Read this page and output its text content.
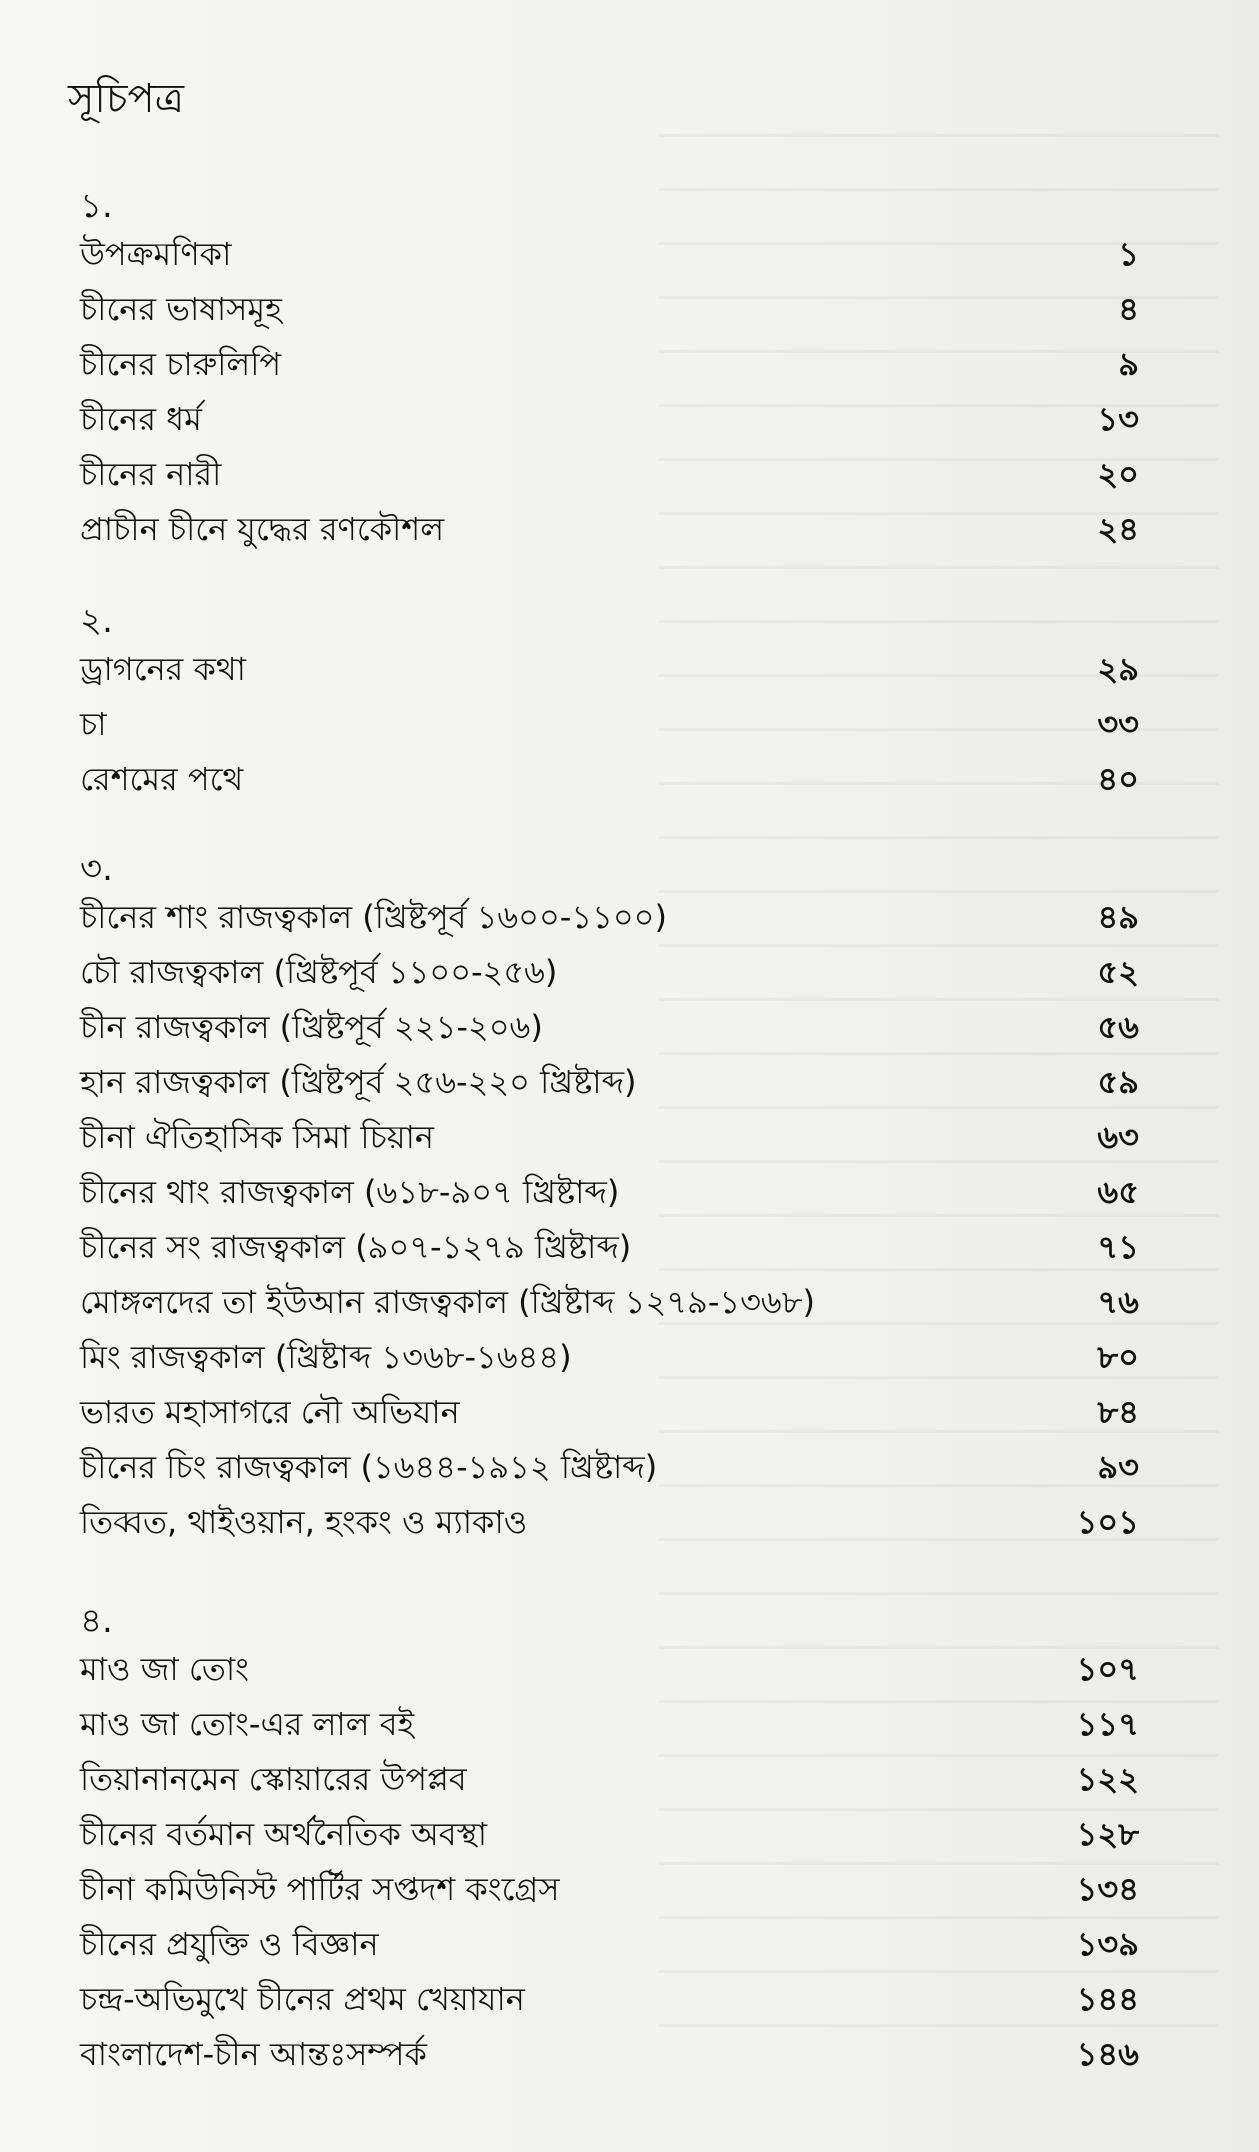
সূচিপত্র
১.
উপক্রমণিকা	১
চীনের ভাষাসমূহ	৪
চীনের চারুলিপি	৯
চীনের ধর্ম	১৩
চীনের নারী	২০
প্রাচীন চীনে যুদ্ধের রণকৌশল	২৪
২.
ড্রাগনের কথা	২৯
চা	৩৩
রেশমের পথে	৪০
৩.
চীনের শাং রাজত্বকাল (খ্রিষ্টপূর্ব ১৬০০-১১০০)	৪৯
চৌ রাজত্বকাল (খ্রিষ্টপূর্ব ১১০০-২৫৬)	৫২
চীন রাজত্বকাল (খ্রিষ্টপূর্ব ২২১-২০৬)	৫৬
হান রাজত্বকাল (খ্রিষ্টপূর্ব ২৫৬-২২০ খ্রিষ্টাব্দ)	৫৯
চীনা ঐতিহাসিক সিমা চিয়ান	৬৩
চীনের থাং রাজত্বকাল (৬১৮-৯০৭ খ্রিষ্টাব্দ)	৬৫
চীনের সং রাজত্বকাল (৯০৭-১২৭৯ খ্রিষ্টাব্দ)	৭১
মোঙ্গলদের তা ইউআন রাজত্বকাল (খ্রিষ্টাব্দ ১২৭৯-১৩৬৮)	৭৬
মিং রাজত্বকাল (খ্রিষ্টাব্দ ১৩৬৮-১৬৪৪)	৮০
ভারত মহাসাগরে নৌ অভিযান	৮৪
চীনের চিং রাজত্বকাল (১৬৪৪-১৯১২ খ্রিষ্টাব্দ)	৯৩
তিব্বত, থাইওয়ান, হংকং ও ম্যাকাও	১০১
৪.
মাও জা তোং	১০৭
মাও জা তোং-এর লাল বই	১১৭
তিয়ানানমেন স্কোয়ারের উপপ্লব	১২২
চীনের বর্তমান অর্থনৈতিক অবস্থা	১২৮
চীনা কমিউনিস্ট পার্টির সপ্তদশ কংগ্রেস	১৩৪
চীনের প্রযুক্তি ও বিজ্ঞান	১৩৯
চন্দ্র-অভিমুখে চীনের প্রথম খেয়াযান	১৪৪
বাংলাদেশ-চীন আন্তঃসম্পর্ক	১৪৬
